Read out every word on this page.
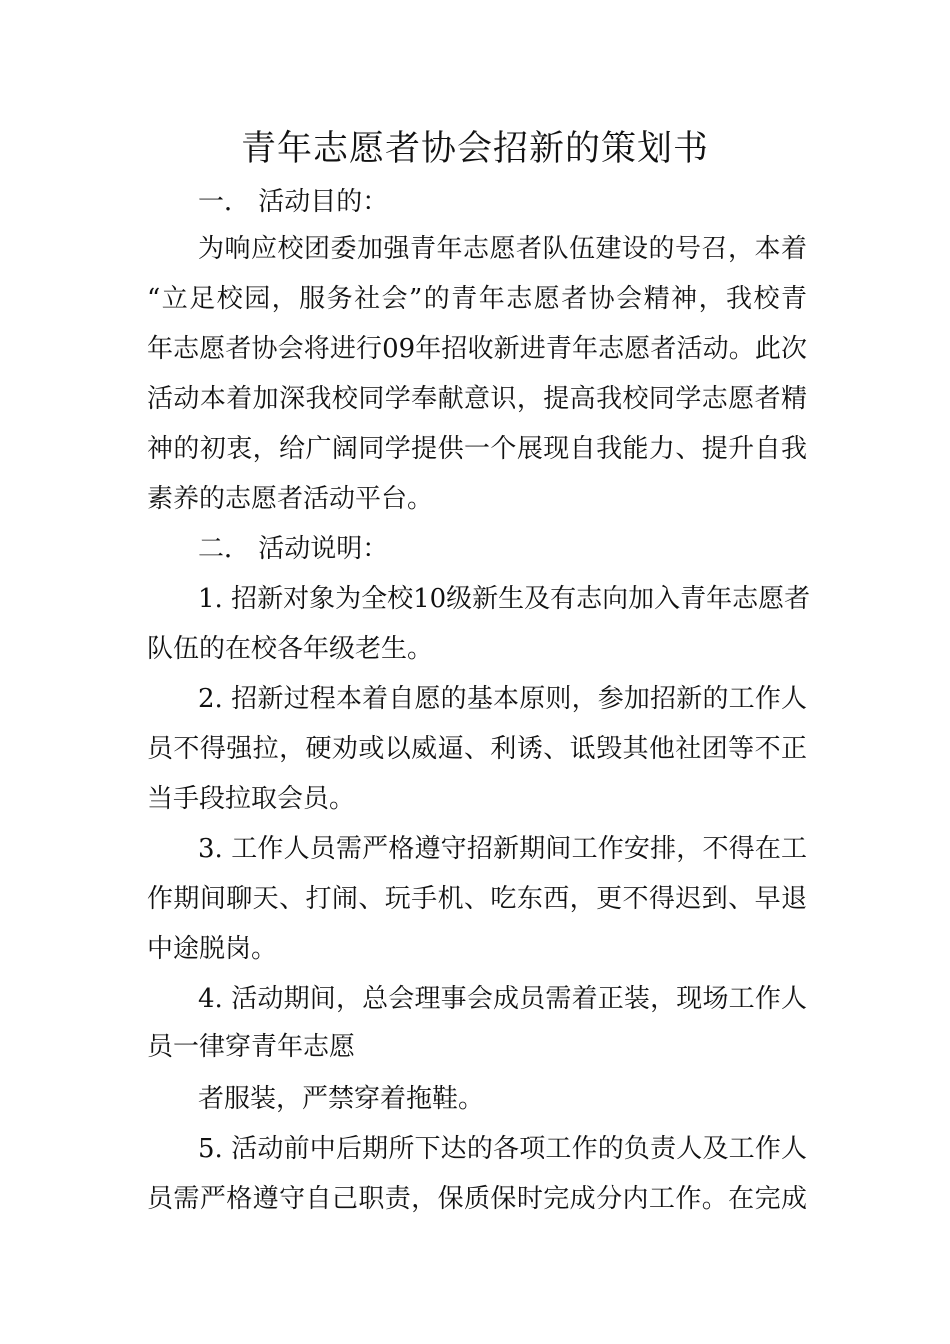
青年志愿者协会招新的策划书

一． 活动目的：

为响应校团委加强青年志愿者队伍建设的号召，本着

“立足校园，服务社会”的青年志愿者协会精神，我校青

年志愿者协会将进行09年招收新进青年志愿者活动。此次

活动本着加深我校同学奉献意识，提高我校同学志愿者精

神的初衷，给广阔同学提供一个展现自我能力、提升自我

素养的志愿者活动平台。

二． 活动说明：

1. 招新对象为全校10级新生及有志向加入青年志愿者

队伍的在校各年级老生。

2. 招新过程本着自愿的基本原则，参加招新的工作人

员不得强拉，硬劝或以威逼、利诱、诋毁其他社团等不正

当手段拉取会员。

3. 工作人员需严格遵守招新期间工作安排，不得在工

作期间聊天、打闹、玩手机、吃东西，更不得迟到、早退

中途脱岗。

4. 活动期间，总会理事会成员需着正装，现场工作人

员一律穿青年志愿

者服装，严禁穿着拖鞋。

5. 活动前中后期所下达的各项工作的负责人及工作人

员需严格遵守自己职责，保质保时完成分内工作。在完成
